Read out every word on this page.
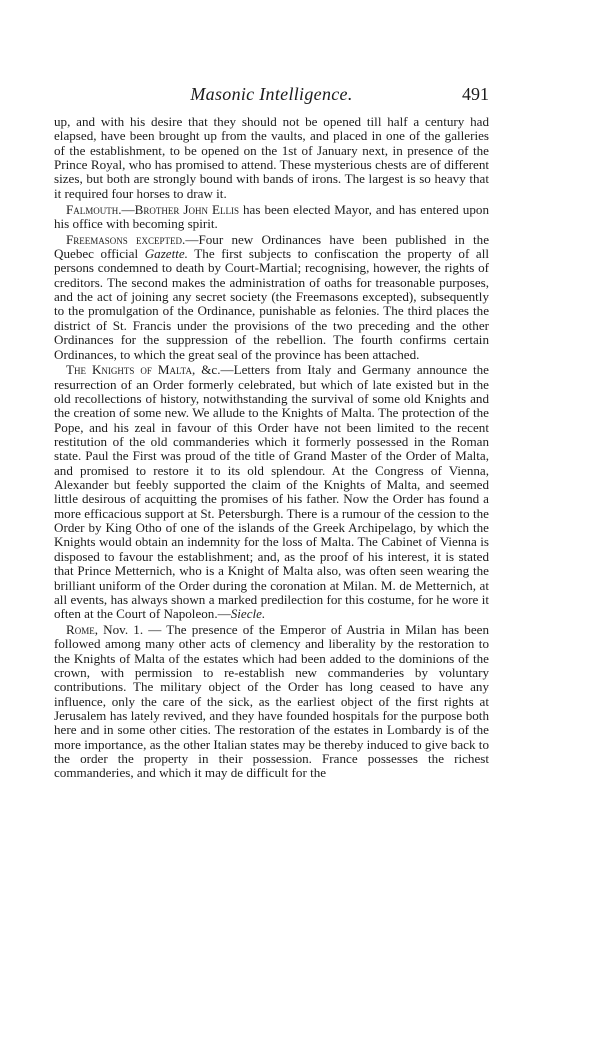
Masonic Intelligence.	491

up, and with his desire that they should not be opened till half a century had elapsed, have been brought up from the vaults, and placed in one of the galleries of the establishment, to be opened on the 1st of January next, in presence of the Prince Royal, who has promised to attend. These mysterious chests are of different sizes, but both are strongly bound with bands of irons. The largest is so heavy that it required four horses to draw it.

Falmouth.—Brother John Ellis has been elected Mayor, and has entered upon his office with becoming spirit.

Freemasons excepted.—Four new Ordinances have been published in the Quebec official Gazette. The first subjects to confiscation the property of all persons condemned to death by Court-Martial; recognising, however, the rights of creditors. The second makes the administration of oaths for treasonable purposes, and the act of joining any secret society (the Freemasons excepted), subsequently to the promulgation of the Ordinance, punishable as felonies. The third places the district of St. Francis under the provisions of the two preceding and the other Ordinances for the suppression of the rebellion. The fourth confirms certain Ordinances, to which the great seal of the province has been attached.

The Knights of Malta, &c.—Letters from Italy and Germany announce the resurrection of an Order formerly celebrated, but which of late existed but in the old recollections of history, notwithstanding the survival of some old Knights and the creation of some new. We allude to the Knights of Malta. The protection of the Pope, and his zeal in favour of this Order have not been limited to the recent restitution of the old commanderies which it formerly possessed in the Roman state. Paul the First was proud of the title of Grand Master of the Order of Malta, and promised to restore it to its old splendour. At the Congress of Vienna, Alexander but feebly supported the claim of the Knights of Malta, and seemed little desirous of acquitting the promises of his father. Now the Order has found a more efficacious support at St. Petersburgh. There is a rumour of the cession to the Order by King Otho of one of the islands of the Greek Archipelago, by which the Knights would obtain an indemnity for the loss of Malta. The Cabinet of Vienna is disposed to favour the establishment; and, as the proof of his interest, it is stated that Prince Metternich, who is a Knight of Malta also, was often seen wearing the brilliant uniform of the Order during the coronation at Milan. M. de Metternich, at all events, has always shown a marked predilection for this costume, for he wore it often at the Court of Napoleon.—Siecle.

Rome, Nov. 1. — The presence of the Emperor of Austria in Milan has been followed among many other acts of clemency and liberality by the restoration to the Knights of Malta of the estates which had been added to the dominions of the crown, with permission to re-establish new commanderies by voluntary contributions. The military object of the Order has long ceased to have any influence, only the care of the sick, as the earliest object of the first rights at Jerusalem has lately revived, and they have founded hospitals for the purpose both here and in some other cities. The restoration of the estates in Lombardy is of the more importance, as the other Italian states may be thereby induced to give back to the order the property in their possession. France possesses the richest commanderies, and which it may de difficult for the
